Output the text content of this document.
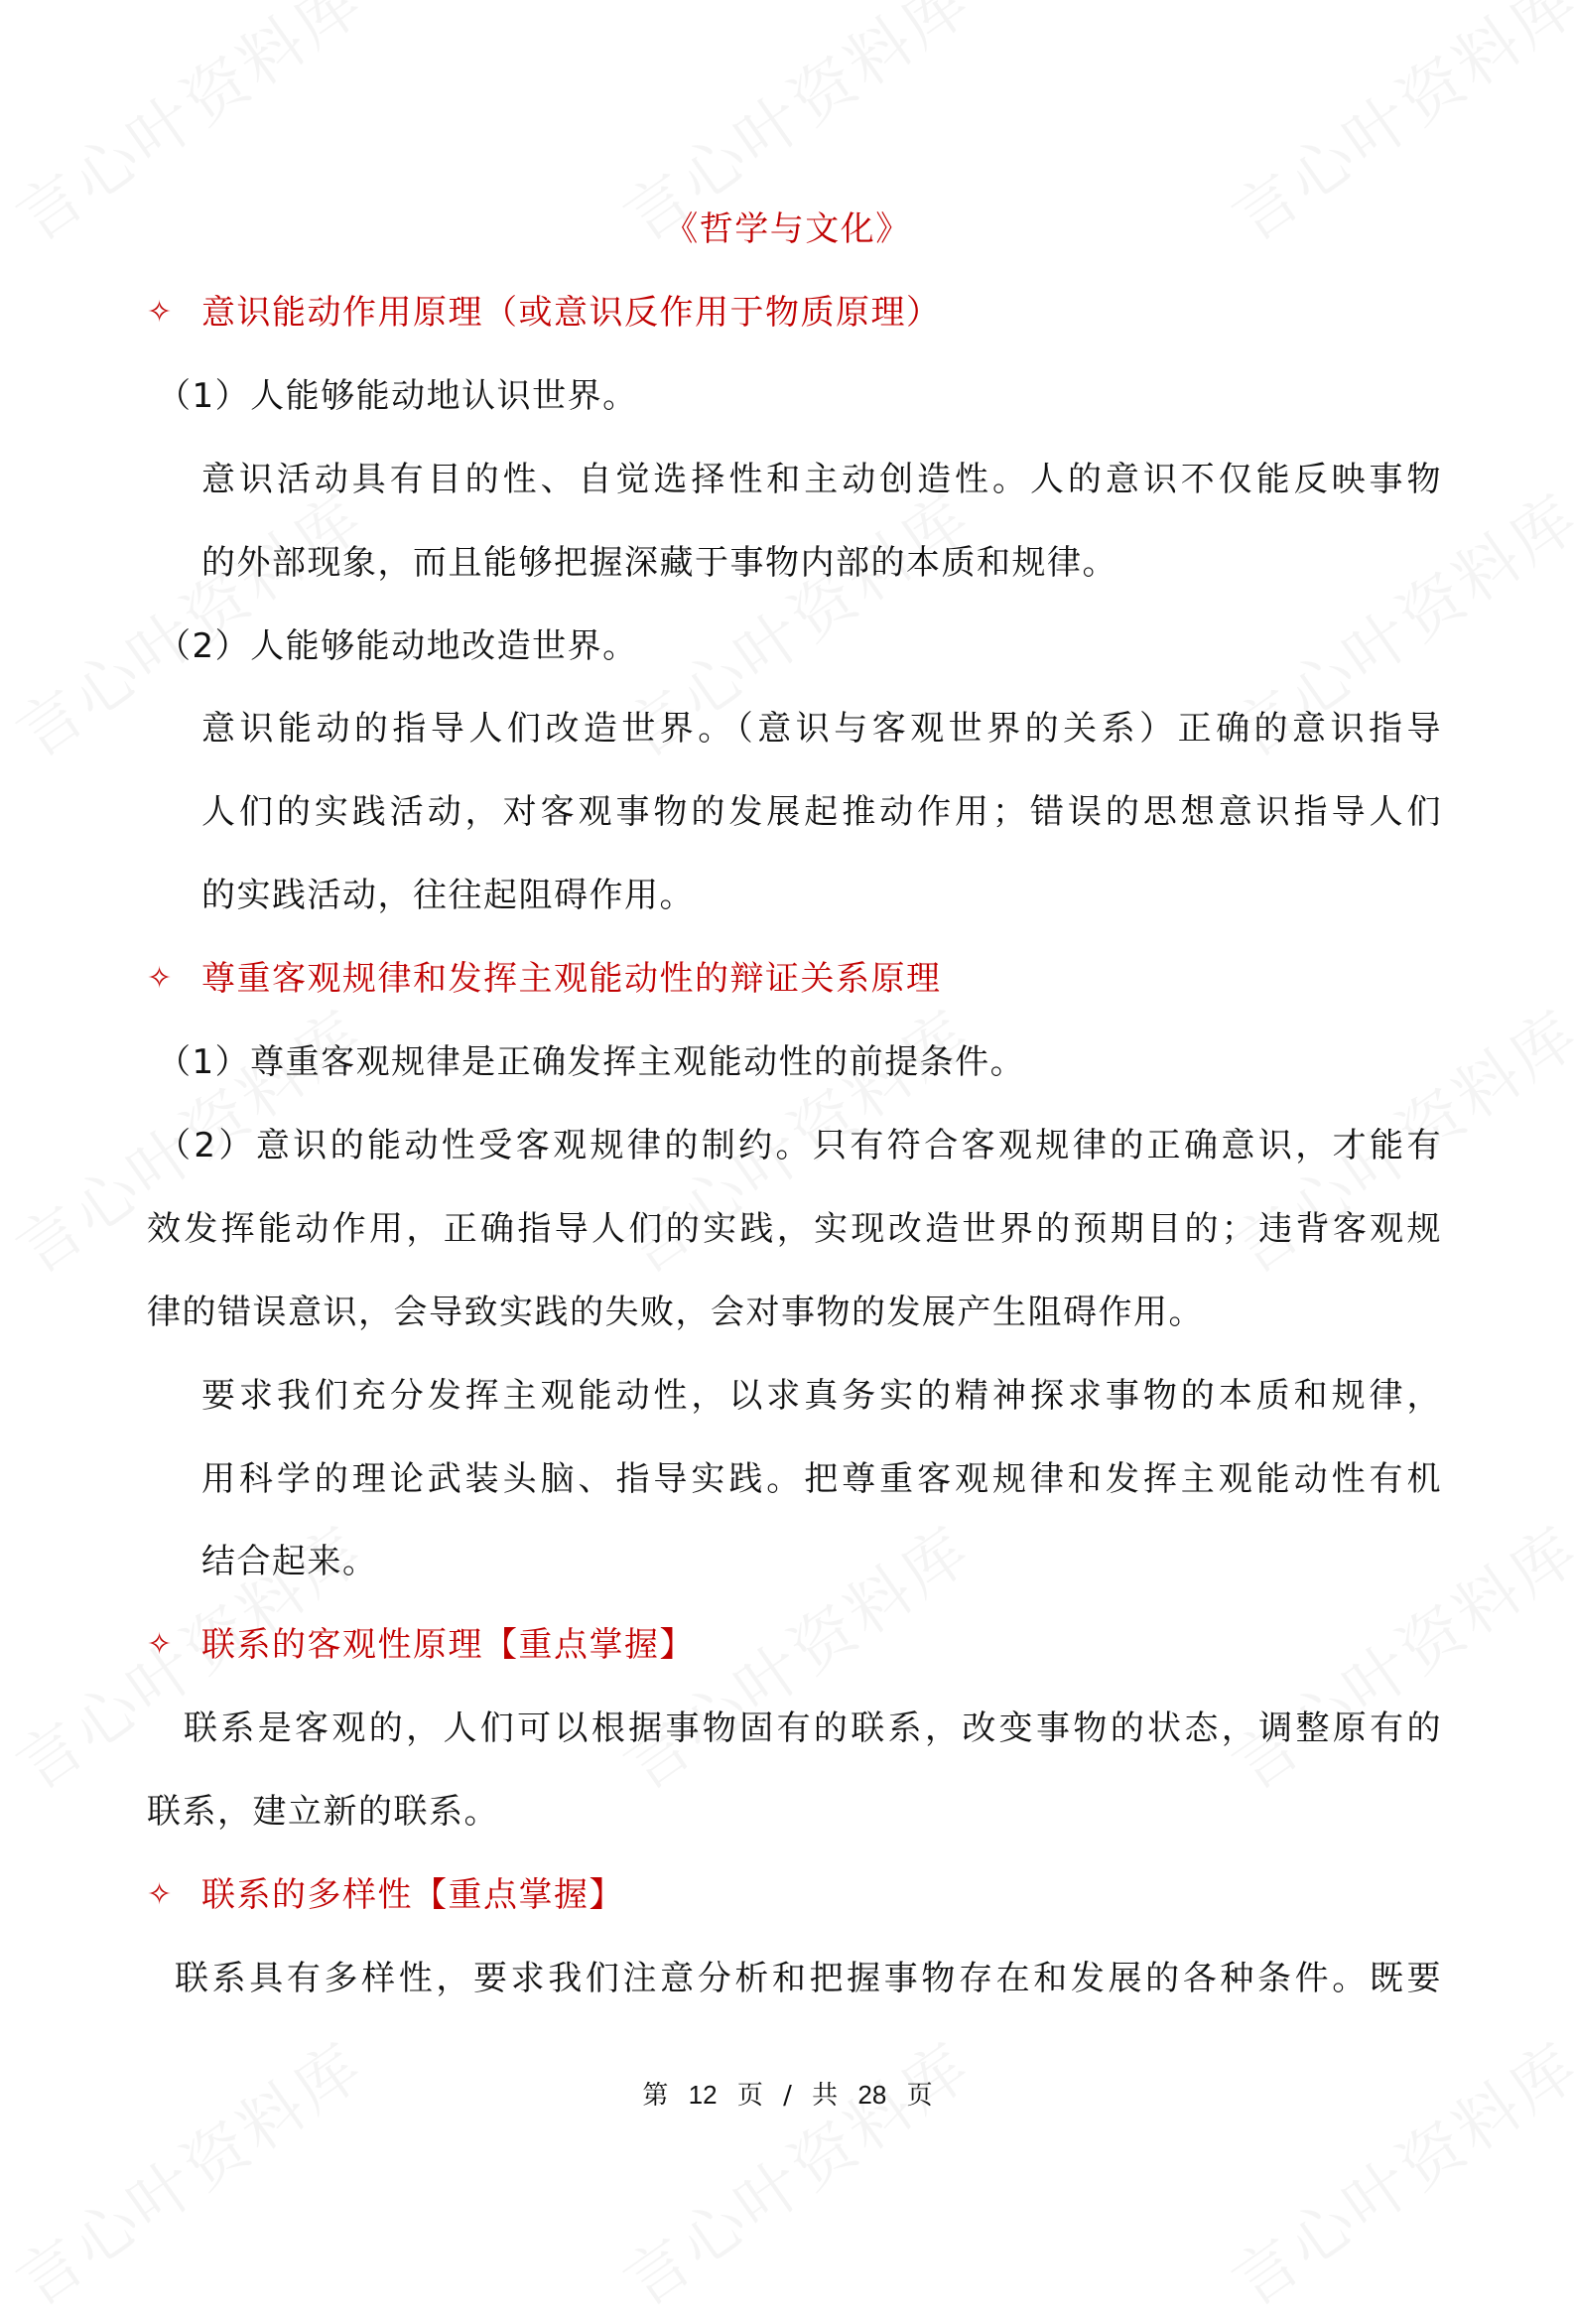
《哲学与文化》
✧ 意识能动作用原理（或意识反作用于物质原理）
（1）人能够能动地认识世界。
意识活动具有目的性、自觉选择性和主动创造性。人的意识不仅能反映事物
的外部现象，而且能够把握深藏于事物内部的本质和规律。
（2）人能够能动地改造世界。
意识能动的指导人们改造世界。（意识与客观世界的关系）正确的意识指导
人们的实践活动，对客观事物的发展起推动作用；错误的思想意识指导人们
的实践活动，往往起阻碍作用。
✧ 尊重客观规律和发挥主观能动性的辩证关系原理
（1）尊重客观规律是正确发挥主观能动性的前提条件。
（2）意识的能动性受客观规律的制约。只有符合客观规律的正确意识，才能有
效发挥能动作用，正确指导人们的实践，实现改造世界的预期目的；违背客观规
律的错误意识，会导致实践的失败，会对事物的发展产生阻碍作用。
要求我们充分发挥主观能动性，以求真务实的精神探求事物的本质和规律，
用科学的理论武装头脑、指导实践。把尊重客观规律和发挥主观能动性有机
结合起来。
✧ 联系的客观性原理【重点掌握】
联系是客观的，人们可以根据事物固有的联系，改变事物的状态，调整原有的
联系，建立新的联系。
✧ 联系的多样性【重点掌握】
联系具有多样性，要求我们注意分析和把握事物存在和发展的各种条件。既要
第 12 页 / 共 28 页
